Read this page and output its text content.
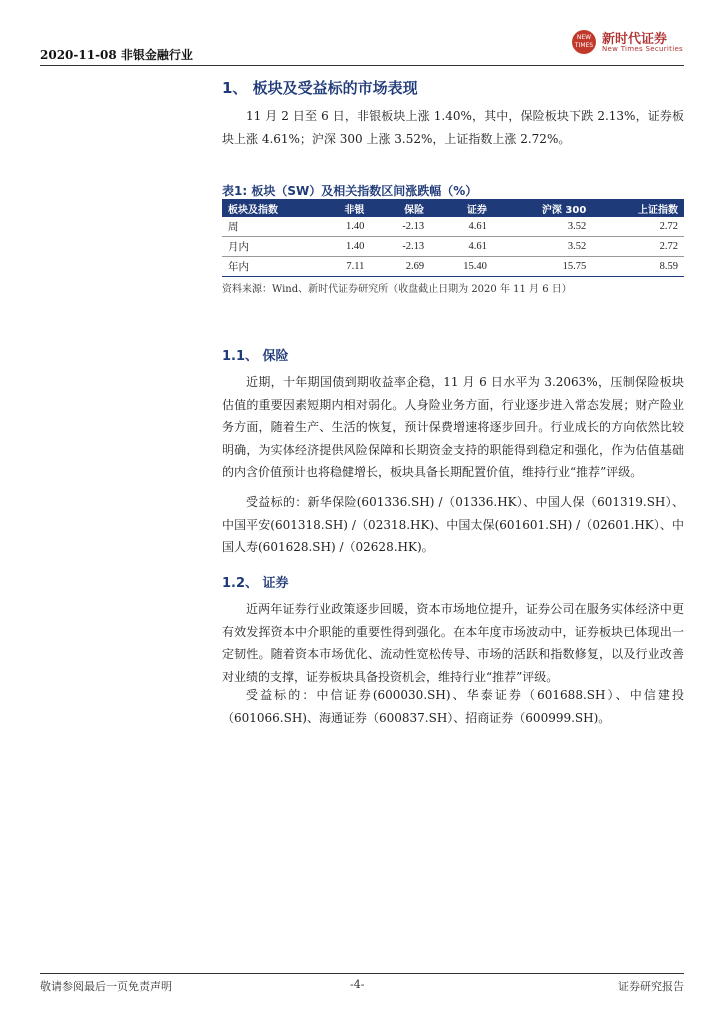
2020-11-08 非银金融行业
NEW
TIMES 新时代证券
New Times Securities
1、 板块及受益标的市场表现
11 月 2 日至 6 日，非银板块上涨 1.40%，其中，保险板块下跌 2.13%，证券板块上涨 4.61%；沪深 300 上涨 3.52%，上证指数上涨 2.72%。
表1: 板块（SW）及相关指数区间涨跌幅（%）
板块及指数	非银	保险	证券	沪深 300	上证指数
周	1.40	-2.13	4.61	3.52	2.72
月内	1.40	-2.13	4.61	3.52	2.72
年内	7.11	2.69	15.40	15.75	8.59
资料来源：Wind、新时代证券研究所（收盘截止日期为 2020 年 11 月 6 日）
1.1、 保险
近期，十年期国债到期收益率企稳，11 月 6 日水平为 3.2063%，压制保险板块估值的重要因素短期内相对弱化。人身险业务方面，行业逐步进入常态发展；财产险业务方面，随着生产、生活的恢复，预计保费增速将逐步回升。行业成长的方向依然比较明确，为实体经济提供风险保障和长期资金支持的职能得到稳定和强化，作为估值基础的内含价值预计也将稳健增长，板块具备长期配置价值，维持行业“推荐”评级。
受益标的：新华保险(601336.SH) /（01336.HK）、中国人保（601319.SH）、中国平安(601318.SH) /（02318.HK)、中国太保(601601.SH) /（02601.HK）、中国人寿(601628.SH) /（02628.HK)。
1.2、 证券
近两年证券行业政策逐步回暖，资本市场地位提升，证券公司在服务实体经济中更有效发挥资本中介职能的重要性得到强化。在本年度市场波动中，证券板块已体现出一定韧性。随着资本市场优化、流动性宽松传导、市场的活跃和指数修复，以及行业改善对业绩的支撑，证券板块具备投资机会，维持行业“推荐”评级。
受益标的：中信证券(600030.SH)、华泰证券（601688.SH）、中信建投（601066.SH)、海通证券（600837.SH）、招商证券（600999.SH)。
敬请参阅最后一页免责声明	-4-	证券研究报告
